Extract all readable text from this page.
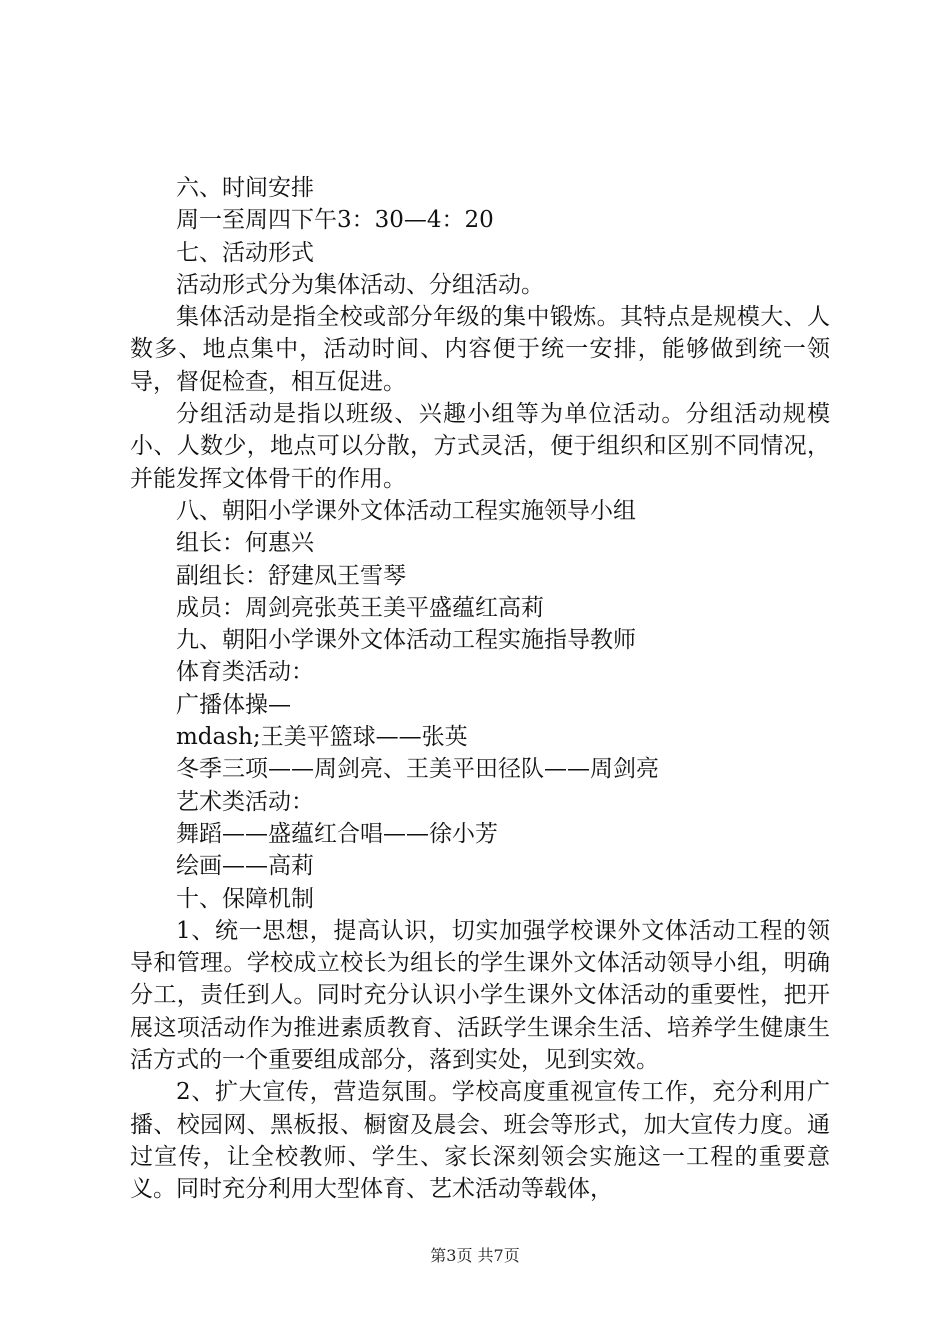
六、时间安排

周一至周四下午3：30—4：20

七、活动形式

活动形式分为集体活动、分组活动。

集体活动是指全校或部分年级的集中锻炼。其特点是规模大、人数多、地点集中，活动时间、内容便于统一安排，能够做到统一领导，督促检查，相互促进。

分组活动是指以班级、兴趣小组等为单位活动。分组活动规模小、人数少，地点可以分散，方式灵活，便于组织和区别不同情况，并能发挥文体骨干的作用。

八、朝阳小学课外文体活动工程实施领导小组

组长：何惠兴

副组长：舒建凤王雪琴

成员：周剑亮张英王美平盛蕴红高莉

九、朝阳小学课外文体活动工程实施指导教师

体育类活动：

广播体操—

mdash;王美平篮球——张英

冬季三项——周剑亮、王美平田径队——周剑亮

艺术类活动：

舞蹈——盛蕴红合唱——徐小芳

绘画——高莉

十、保障机制

1、统一思想，提高认识，切实加强学校课外文体活动工程的领导和管理。学校成立校长为组长的学生课外文体活动领导小组，明确分工，责任到人。同时充分认识小学生课外文体活动的重要性，把开展这项活动作为推进素质教育、活跃学生课余生活、培养学生健康生活方式的一个重要组成部分，落到实处，见到实效。

2、扩大宣传，营造氛围。学校高度重视宣传工作，充分利用广播、校园网、黑板报、橱窗及晨会、班会等形式，加大宣传力度。通过宣传，让全校教师、学生、家长深刻领会实施这一工程的重要意义。同时充分利用大型体育、艺术活动等载体，

第3页 共7页
